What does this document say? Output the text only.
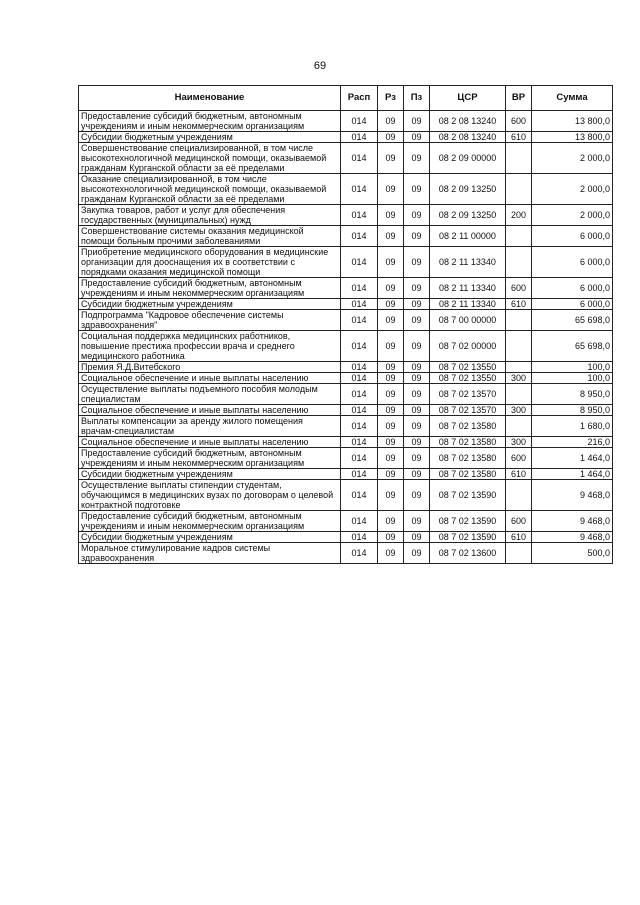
69
Наименование	Расп	Рз	Пз	ЦСР	ВР	Сумма
Предоставление субсидий бюджетным, автономным учреждениям и иным некоммерческим организациям	014	09	09	08 2 08 13240	600	13 800,0
Субсидии бюджетным учреждениям	014	09	09	08 2 08 13240	610	13 800,0
Совершенствование специализированной, в том числе высокотехнологичной медицинской помощи, оказываемой гражданам Курганской области за её пределами	014	09	09	08 2 09 00000		2 000,0
Оказание специализированной, в том числе высокотехнологичной медицинской помощи, оказываемой гражданам Курганской области за её пределами	014	09	09	08 2 09 13250		2 000,0
Закупка товаров, работ и услуг для обеспечения государственных (муниципальных) нужд	014	09	09	08 2 09 13250	200	2 000,0
Совершенствование системы оказания медицинской помощи больным прочими заболеваниями	014	09	09	08 2 11 00000		6 000,0
Приобретение медицинского оборудования в медицинские организации для дооснащения их в соответствии с порядками оказания медицинской помощи	014	09	09	08 2 11 13340		6 000,0
Предоставление субсидий бюджетным, автономным учреждениям и иным некоммерческим организациям	014	09	09	08 2 11 13340	600	6 000,0
Субсидии бюджетным учреждениям	014	09	09	08 2 11 13340	610	6 000,0
Подпрограмма "Кадровое обеспечение системы здравоохранения"	014	09	09	08 7 00 00000		65 698,0
Социальная поддержка медицинских работников, повышение престижа профессии врача и среднего медицинского работника	014	09	09	08 7 02 00000		65 698,0
Премия Я.Д.Витебского	014	09	09	08 7 02 13550		100,0
Социальное обеспечение и иные выплаты населению	014	09	09	08 7 02 13550	300	100,0
Осуществление выплаты подъемного пособия молодым специалистам	014	09	09	08 7 02 13570		8 950,0
Социальное обеспечение и иные выплаты населению	014	09	09	08 7 02 13570	300	8 950,0
Выплаты компенсации за аренду жилого помещения врачам-специалистам	014	09	09	08 7 02 13580		1 680,0
Социальное обеспечение и иные выплаты населению	014	09	09	08 7 02 13580	300	216,0
Предоставление субсидий бюджетным, автономным учреждениям и иным некоммерческим организациям	014	09	09	08 7 02 13580	600	1 464,0
Субсидии бюджетным учреждениям	014	09	09	08 7 02 13580	610	1 464,0
Осуществление выплаты стипендии студентам, обучающимся в медицинских вузах по договорам о целевой контрактной подготовке	014	09	09	08 7 02 13590		9 468,0
Предоставление субсидий бюджетным, автономным учреждениям и иным некоммерческим организациям	014	09	09	08 7 02 13590	600	9 468,0
Субсидии бюджетным учреждениям	014	09	09	08 7 02 13590	610	9 468,0
Моральное стимулирование кадров системы здравоохранения	014	09	09	08 7 02 13600		500,0
